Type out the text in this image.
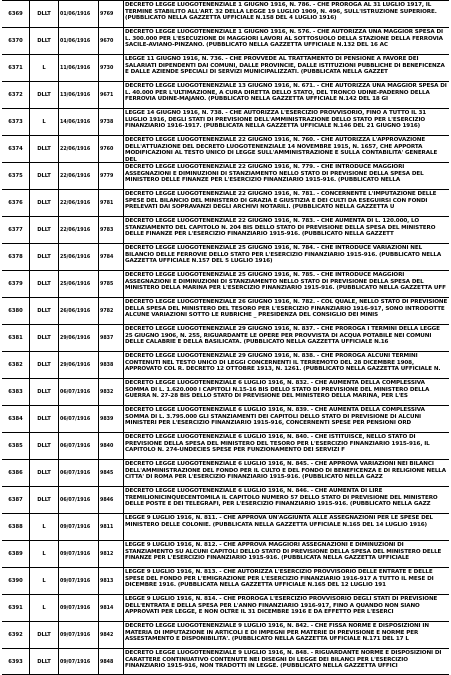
6369	DLLT	01/06/1916	9769
DECRETO LEGGE LUOGOTENENZIALE 1 GIUGNO 1916, N. 786. - CHE PROROGA AL 31 LUGLIO 1917, IL TERMINE STABILITO ALL'ART. 32 DELLA LEGGE 19 LUGLIO 1909, N. 496, SULL'ISTRUZIONE SUPERIORE. (PUBBLICATO NELLA GAZZETTA UFFICIALE N.158 DEL 4 LUGLIO 1916)
6370	DLLT	01/06/1916	9670
DECRETO LEGGE LUOGOTENENZIALE 1 GIUGNO 1916, N. 576. - CHE AUTORIZZA UNA MAGGIOR SPESA DI L. 300.000 PER L'ESECUZIONE DI MAGGIORI LAVORI AL SOTTOSUOLO DELLA STAZIONE DELLA FERROVIA SACILE-AVIANO-PINZANO. (PUBBLICATO NELLA GAZZETTA UFFICIALE N.132 DEL 16 AC
6371	L	11/06/1916	9730
LEGGE 11 GIUGNO 1916, N. 736. - CHE PROVVEDE AL TRATTAMENTO DI PENSIONE A FAVORE DEI SALARIATI DIPENDENTI DAI COMUNI, DALLE PROVINCIE, DALLE ISTITUZIONI PUBBLICHE DI BENEFICENZA E DALLE AZIENDE SPECIALI DI SERVIZI MUNICIPALIZZATI. (PUBBLICATA NELLA GAZZET
6372	DLLT	13/06/1916	9671
DECRETO LEGGE LUOGOTENENZIALE 13 GIUGNO 1916, N. 671. - CHE AUTORIZZA UNA MAGGIOR SPESA DI L. 40.000 PER L'ULTIMAZIONE, A CURA DIRETTA DELLO STATO, DEL TRONCO UDINE-PADERNO DELLA FERROVIA UDINE-MAJANO. (PUBBLICATO NELLA GAZZETTA UFFICIALE N.142 DEL 18 GI
6373	L	14/06/1916	9738
LEGGE 14 GIUGNO 1916, N. 738. - CHE AUTORIZZA L'ESERCIZIO PROVVISORIO, FINO A TUTTO IL 31 LUGLIO 1916, DEGLI STATI DI PREVISIONE DELL'AMMINISTRAZIONE DELLO STATO PER L'ESERCIZIO FINANZIARIO 1916-1917. (PUBBLICATA NELLA GAZZETTA UFFICIALE N.146 DEL 21 GIUGNO 1916)
6374	DLLT	22/06/1916	9760
DECRETO LEGGE LUOGOTENENZIALE 22 GIUGNO 1916, N. 760. - CHE AUTORIZZA L'APPROVAZIONE DELL'ATTUAZIONE DEL DECRETO LUOGOTENENZIALE 14 NOVEMBRE 1915, N. 1657, CHE APPORTA MODIFICAZIONI AL TESTO UNICO DI LEGGE SULL'AMMINISTRAZIONE E SULLA CONTABILITA' GENERALE DEL
6375	DLLT	22/06/1916	9779
DECRETO LEGGE LUOGOTENENZIALE 22 GIUGNO 1916, N. 779. - CHE INTRODUCE MAGGIORI ASSEGNAZIONI E DIMINUZIONI DI STANZIAMENTO NELLO STATO DI PREVISIONE DELLA SPESA DEL MINISTERO DELLE FINANZE PER L'ESERCIZIO FINANZIARIO 1915-916. (PUBBLICATO NELLA
6376	DLLT	22/06/1916	9781
DECRETO LEGGE LUOGOTENENZIALE 22 GIUGNO 1916, N. 781. - CONCERNENTE L'IMPUTAZIONE DELLE SPESE DEL BILANCIO DEL MINISTERO DI GRAZIA E GIUSTIZIA E DEI CULTI DA ESEGUIRSI CON FONDI PRELEVATI DAI SOPRAVANZI DEGLI ARCHIVI NOTARILI. (PUBBLICATO NELLA GAZZETTA U
6377	DLLT	22/06/1916	9783
DECRETO LEGGE LUOGOTENENZIALE 22 GIUGNO 1916, N. 783. - CHE AUMENTA DI L. 120.000, LO STANZIAMENTO DEL CAPITOLO N. 204 BIS DELLO STATO DI PREVISIONE DELLA SPESA DEL MINISTERO DELLE FINANZE PER L'ESERCIZIO FINANZIARIO 1915-916. (PUBBLICATO NELLA GAZZETT
6378	DLLT	25/06/1916	9784
DECRETO LEGGE LUOGOTENENZIALE 25 GIUGNO 1916, N. 784. - CHE INTRODUCE VARIAZIONI NEL BILANCIO DELLE FERROVIE DELLO STATO PER L'ESERCIZIO FINANZIARIO 1915-916. (PUBBLICATO NELLA GAZZETTA UFFICIALE N.157 DEL 5 LUGLIO 1916)
6379	DLLT	25/06/1916	9785
DECRETO LEGGE LUOGOTENENZIALE 25 GIUGNO 1916, N. 785. - CHE INTRODUCE MAGGIORI ASSEGNAZIONI E DIMINUZIONI DI STANZIAMENTO NELLO STATO DI PREVISIONE DELLA SPESA DEL MINISTERO DELLA MARINA PER L'ESERCIZIO FINANZIARIO 1915-916. (PUBBLICATO NELLA GAZZETTA UFF
6380	DLLT	26/06/1916	9782
DECRETO LEGGE LUOGOTENENZIALE 26 GIUGNO 1916, N. 782. - COL QUALE, NELLO STATO DI PREVISIONE DELLA SPESA DEL MINISTERO DEL TESORO PER L'ESERCIZIO FINANZIARIO 1916-917, SONO INTRODOTTE ALCUNE VARIAZIONI SOTTO LE RUBRICHE _ PRESIDENZA DEL CONSIGLIO DEI MINIS
6381	DLLT	29/06/1916	9837
DECRETO LEGGE LUOGOTENENZIALE 29 GIUGNO 1916, N. 837. - CHE PROROGA I TERMINI DELLA LEGGE 25 GIUGNO 1906, N. 255, RIGUARDANTE LE OPERE PER PROVVISTA DI ACQUA POTABILE NEI COMUNI DELLE CALABRIE E DELLA BASILICATA. (PUBBLICATO NELLA GAZZETTA UFFICIALE N.16
6382	DLLT	29/06/1916	9838
DECRETO LEGGE LUOGOTENENZIALE 29 GIUGNO 1916, N. 838. - CHE PROROGA ALCUNI TERMINI CONTENUTI NEL TESTO UNICO DI LEGGI CONCERNENTI IL TERREMOTO DEL 28 DICEMBRE 1908, APPROVATO COL R. DECRETO 12 OTTOBRE 1913, N. 1261. (PUBBLICATO NELLA GAZZETTA UFFICIALE N.
6383	DLLT	06/07/1916	9832
DECRETO LEGGE LUOGOTENENZIALE 6 LUGLIO 1916, N. 832. - CHE AUMENTA DELLA COMPLESSIVA SOMMA DI L. 1.620.000 I CAPITOLI N.15-16 BIS DELLO STATO DI PREVISIONE DEL MINISTERO DELLA GUERRA N. 27-28 BIS DELLO STATO DI PREVISIONE DEL MINISTERO DELLA MARINA, PER L'ES
6384	DLLT	06/07/1916	9839
DECRETO LEGGE LUOGOTENENZIALE 6 LUGLIO 1916, N. 839. - CHE AUMENTA DELLA COMPLESSIVA SOMMA DI L. 3.795.000 GLI STANZIAMENTI DEI CAPITOLI DELLO STATO DI PREVISIONE DI ALCUNI MINISTERI PER L'ESERCIZIO FINANZIARIO 1915-916, CONCERNENTI SPESE PER PENSIONI ORD
6385	DLLT	06/07/1916	9840
DECRETO LEGGE LUOGOTENENZIALE 6 LUGLIO 1916, N. 840. - CHE ISTITUISCE, NELLO STATO DI PREVISIONE DELLA SPESA DEL MINISTERO DEL TESORO PER L'ESERCIZIO FINANZIARIO 1915-916, IL CAPITOLO N. 274-UNDECIES SPESE PER FUNZIONAMENTO DEI SERVIZI F
6386	DLLT	06/07/1916	9845
DECRETO LEGGE LUOGOTENENZIALE 6 LUGLIO 1916, N. 845. - CHE APPROVA VARIAZIONI NEI BILANCI DELL'AMMINISTRAZIONE DEL FONDO PER IL CULTO E DEL FONDO DI BENEFICENZA E DI RELIGIONE NELLA CITTA' DI ROMA PER L'ESERCIZIO FINANZIARIO 1915-916. (PUBBLICATO NELLA GAZZ
6387	DLLT	06/07/1916	9846
DECRETO LEGGE LUOGOTENENZIALE 6 LUGLIO 1916, N. 846. - CHE AUMENTA DI LIRE TREMILIONICINQUECENTOMILA IL CAPITOLO NUMERO 57 DELLO STATO DI PREVISIONE DEL MINISTERO DELLE POSTE E DEI TELEGRAFI, PER L'ESERCIZIO FINANZIARIO 1915-916. (PUBBLICATO NELLA GAZZ
6388	L	09/07/1916	9811
LEGGE 9 LUGLIO 1916, N. 811. - CHE APPROVA UN'AGGIUNTA ALLE ASSEGNAZIONI PER LE SPESE DEL MINISTERO DELLE COLONIE. (PUBBLICATA NELLA GAZZETTA UFFICIALE N.165 DEL 14 LUGLIO 1916)
6389	L	09/07/1916	9812
LEGGE 9 LUGLIO 1916, N. 812. - CHE APPROVA MAGGIORI ASSEGNAZIONI E DIMINUZIONI DI STANZIAMENTO SU ALCUNI CAPITOLI DELLO STATO DI PREVISIONE DELLA SPESA DEL MINISTERO DELLE FINANZE PER L'ESERCIZIO FINANZIARIO 1915-916. (PUBBLICATA NELLA GAZZETTA UFFICIALE
6390	L	09/07/1916	9813
LEGGE 9 LUGLIO 1916, N. 813. - CHE AUTORIZZA L'ESERCIZIO PROVVISORIO DELLE ENTRATE E DELLE SPESE DEL FONDO PER L'EMIGRAZIONE PER L'ESERCIZIO FINANZIARIO 1916-917 A TUTTO IL MESE DI DICEMBRE 1916. (PUBBLICATA NELLA GAZZETTA UFFICIALE N.165 DEL 12 LUGLIO 191
6391	L	09/07/1916	9814
LEGGE 9 LUGLIO 1916, N. 814. - CHE PROROGA L'ESERCIZIO PROVVISORIO DEGLI STATI DI PREVISIONE DELL'ENTRATA E DELLA SPESA PER L'ANNO FINANZIARIO 1916-917, FINO A QUANDO NON SIANO APPROVATI PER LEGGE, E NON OLTRE IL 31 DICEMBRE 1916 E DA EFFETTO PER L'ESERCI
6392	DLLT	09/07/1916	9842
DECRETO LEGGE LUOGOTENENZIALE 9 LUGLIO 1916, N. 842. - CHE FISSA NORME E DISPOSIZIONI IN MATERIA DI IMPUTAZIONE IN ARTICOLI E DI IMPEGNI PER MATERIE DI PREVISIONE E NORME PER ASSESTAMENTO E DISPONIBILITA'. (PUBBLICATO NELLA GAZZETTA UFFICIALE N.171 DEL 17 L
6393	DLLT	09/07/1916	9848
DECRETO LEGGE LUOGOTENENZIALE 9 LUGLIO 1916, N. 848. - RIGUARDANTE NORME E DISPOSIZIONI DI CARATTERE CONTINUATIVO CONTENUTE NEI DISEGNI DI LEGGE DEI BILANCI PER L'ESERCIZIO FINANZIARIO 1915-916, NON TRADOTTI IN LEGGE. (PUBBLICATO NELLA GAZZETTA UFFICI
